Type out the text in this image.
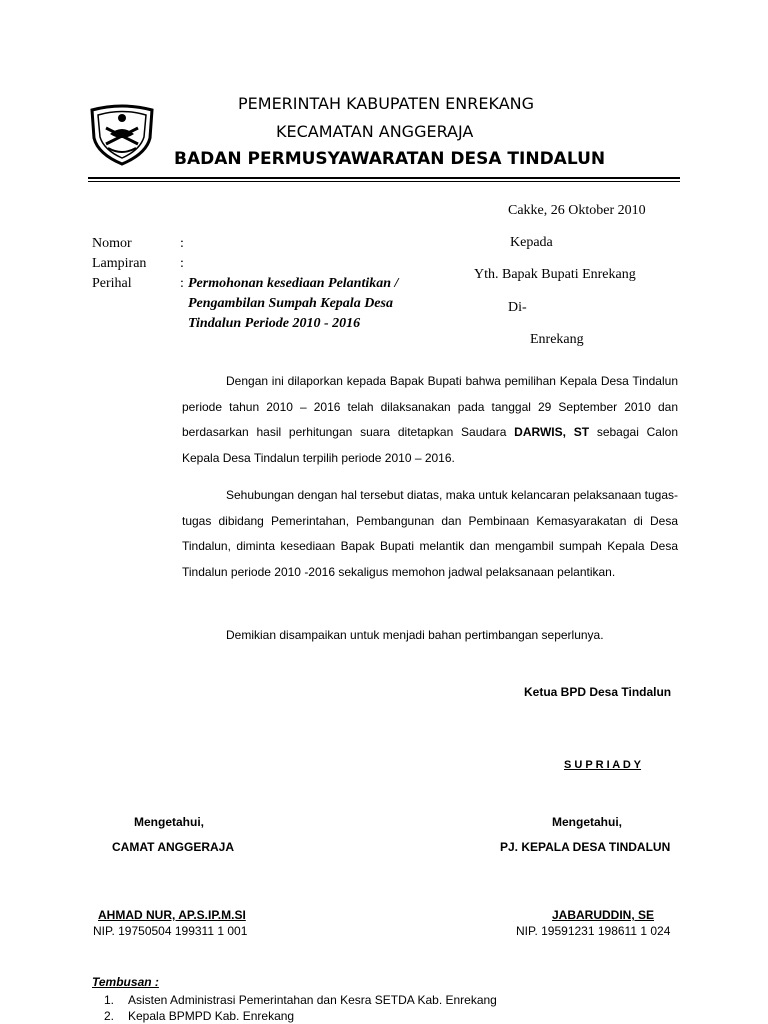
PEMERINTAH KABUPATEN ENREKANG
KECAMATAN ANGGERAJA
BADAN PERMUSYAWARATAN DESA TINDALUN
Cakke, 26 Oktober 2010
Nomor	:
Lampiran :
Perihal	: Permohonan kesediaan Pelantikan /
Pengambilan Sumpah Kepala Desa
Tindalun Periode 2010 - 2016
Kepada
Yth. Bapak Bupati Enrekang
Di-
Enrekang
Dengan ini dilaporkan kepada Bapak Bupati bahwa pemilihan Kepala Desa Tindalun periode tahun 2010 – 2016 telah dilaksanakan pada tanggal 29 September 2010 dan berdasarkan hasil perhitungan suara ditetapkan Saudara DARWIS, ST sebagai Calon Kepala Desa Tindalun terpilih periode 2010 – 2016.
Sehubungan dengan hal tersebut diatas, maka untuk kelancaran pelaksanaan tugas-tugas dibidang Pemerintahan, Pembangunan dan Pembinaan Kemasyarakatan di Desa Tindalun, diminta kesediaan Bapak Bupati melantik dan mengambil sumpah Kepala Desa Tindalun periode 2010 -2016 sekaligus memohon jadwal pelaksanaan pelantikan.
Demikian disampaikan untuk menjadi bahan pertimbangan seperlunya.
Ketua BPD Desa Tindalun
S U P R I A D Y
Mengetahui,
CAMAT ANGGERAJA
AHMAD NUR, AP.S.IP.M.SI
NIP. 19750504 199311 1 001
Mengetahui,
PJ. KEPALA DESA TINDALUN
JABARUDDIN, SE
NIP. 19591231 198611 1 024
Tembusan :
1. Asisten Administrasi Pemerintahan dan Kesra SETDA Kab. Enrekang
2. Kepala BPMPD Kab. Enrekang
